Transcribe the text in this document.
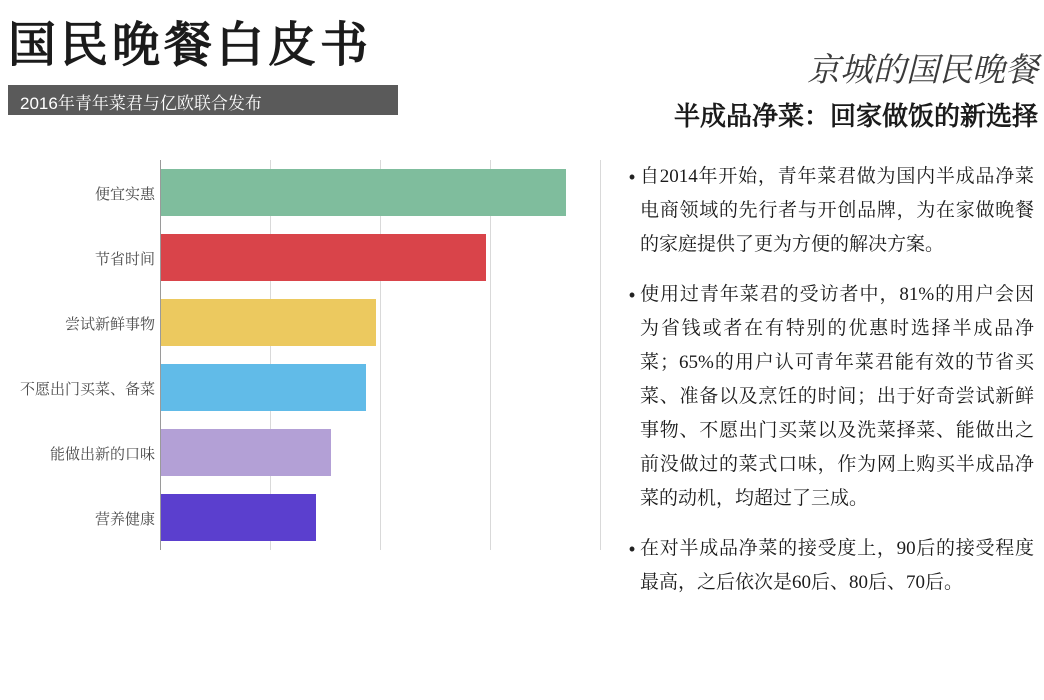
国民晚餐白皮书
2016年青年菜君与亿欧联合发布
便宜实惠
节省时间
尝试新鲜事物
不愿出门买菜、备菜
能做出新的口味
营养健康
京城的国民晚餐
半成品净菜：回家做饭的新选择
• 自2014年开始，青年菜君做为国内半成品净菜电商领域的先行者与开创品牌，为在家做晚餐的家庭提供了更为方便的解决方案。
• 使用过青年菜君的受访者中，81%的用户会因为省钱或者在有特别的优惠时选择半成品净菜；65%的用户认可青年菜君能有效的节省买菜、准备以及烹饪的时间；出于好奇尝试新鲜事物、不愿出门买菜以及洗菜择菜、能做出之前没做过的菜式口味，作为网上购买半成品净菜的动机，均超过了三成。
• 在对半成品净菜的接受度上，90后的接受程度最高，之后依次是60后、80后、70后。
